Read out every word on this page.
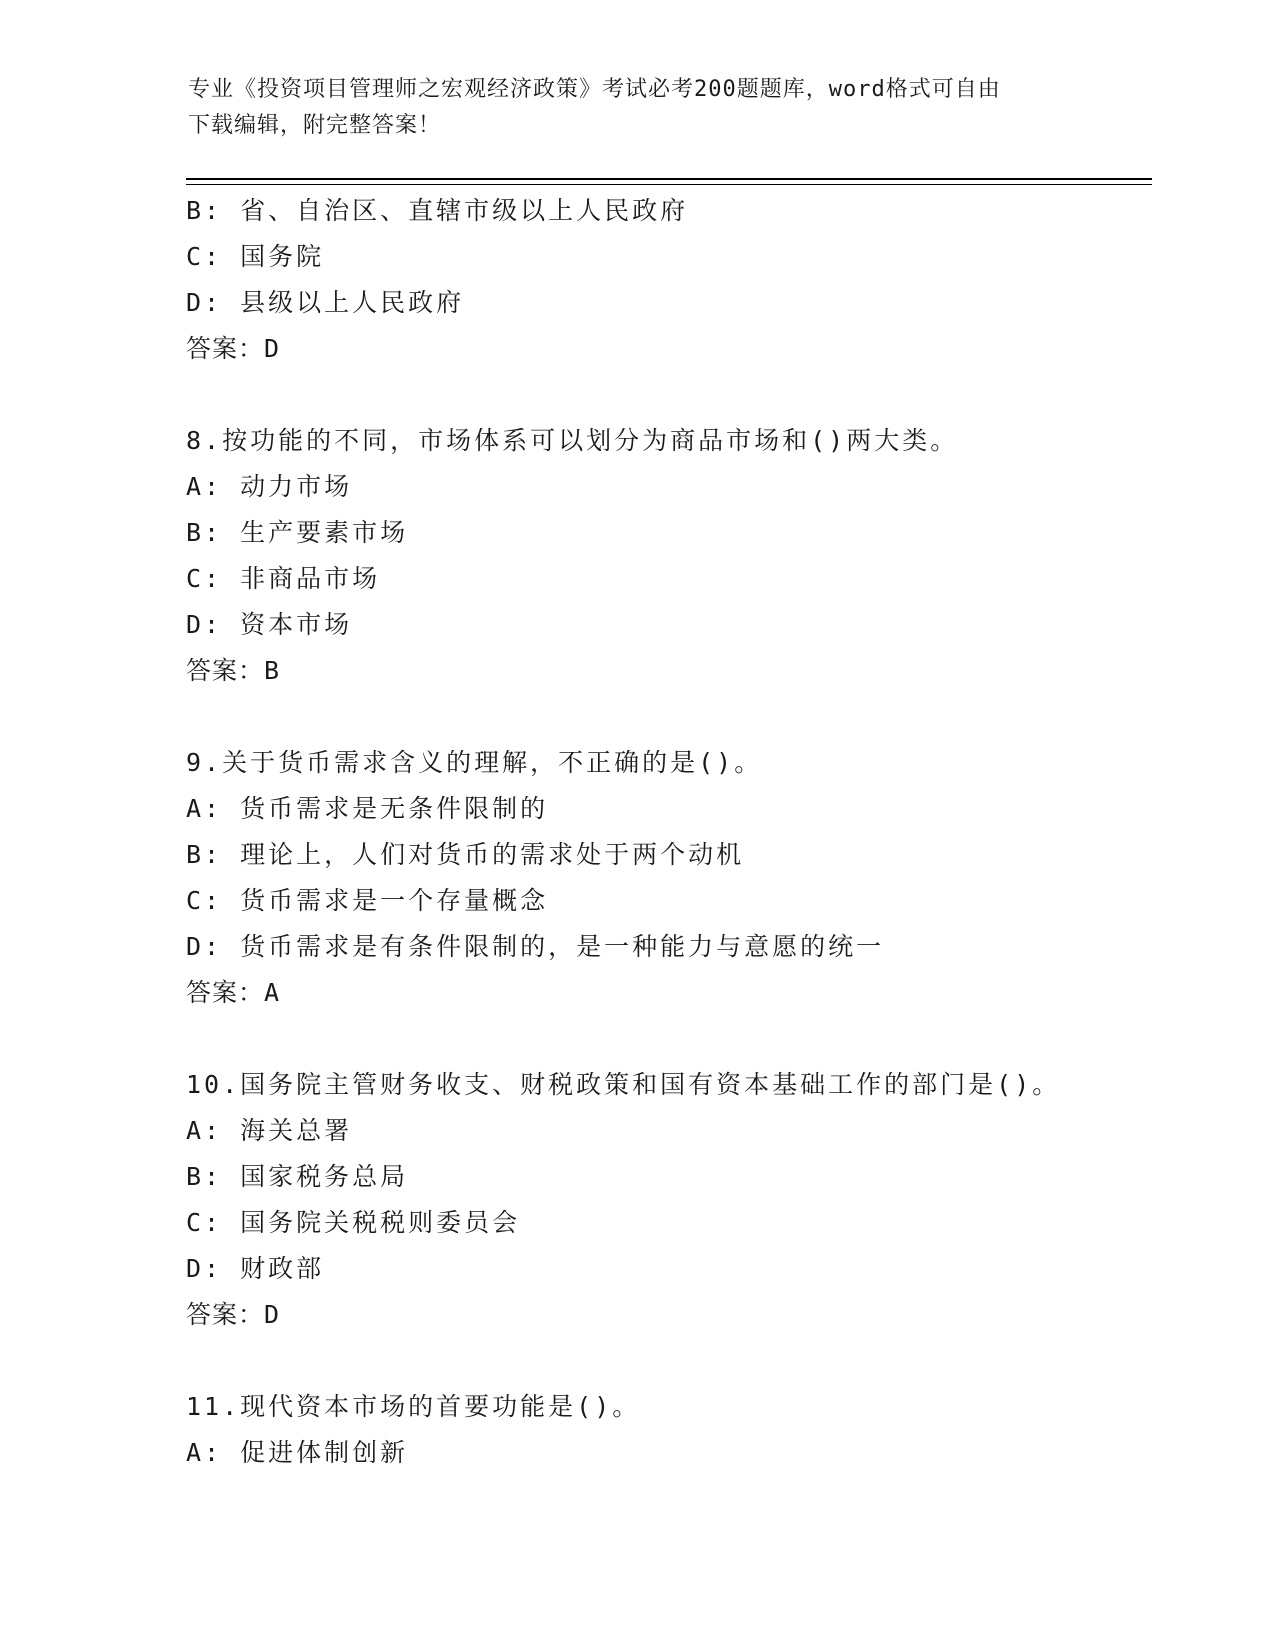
专业《投资项目管理师之宏观经济政策》考试必考200题题库，word格式可自由
下载编辑，附完整答案！
B: 省、自治区、直辖市级以上人民政府
C: 国务院
D: 县级以上人民政府
答案：D
8.按功能的不同，市场体系可以划分为商品市场和()两大类。
A: 动力市场
B: 生产要素市场
C: 非商品市场
D: 资本市场
答案：B
9.关于货币需求含义的理解，不正确的是()。
A: 货币需求是无条件限制的
B: 理论上，人们对货币的需求处于两个动机
C: 货币需求是一个存量概念
D: 货币需求是有条件限制的，是一种能力与意愿的统一
答案：A
10.国务院主管财务收支、财税政策和国有资本基础工作的部门是()。
A: 海关总署
B: 国家税务总局
C: 国务院关税税则委员会
D: 财政部
答案：D
11.现代资本市场的首要功能是()。
A: 促进体制创新
